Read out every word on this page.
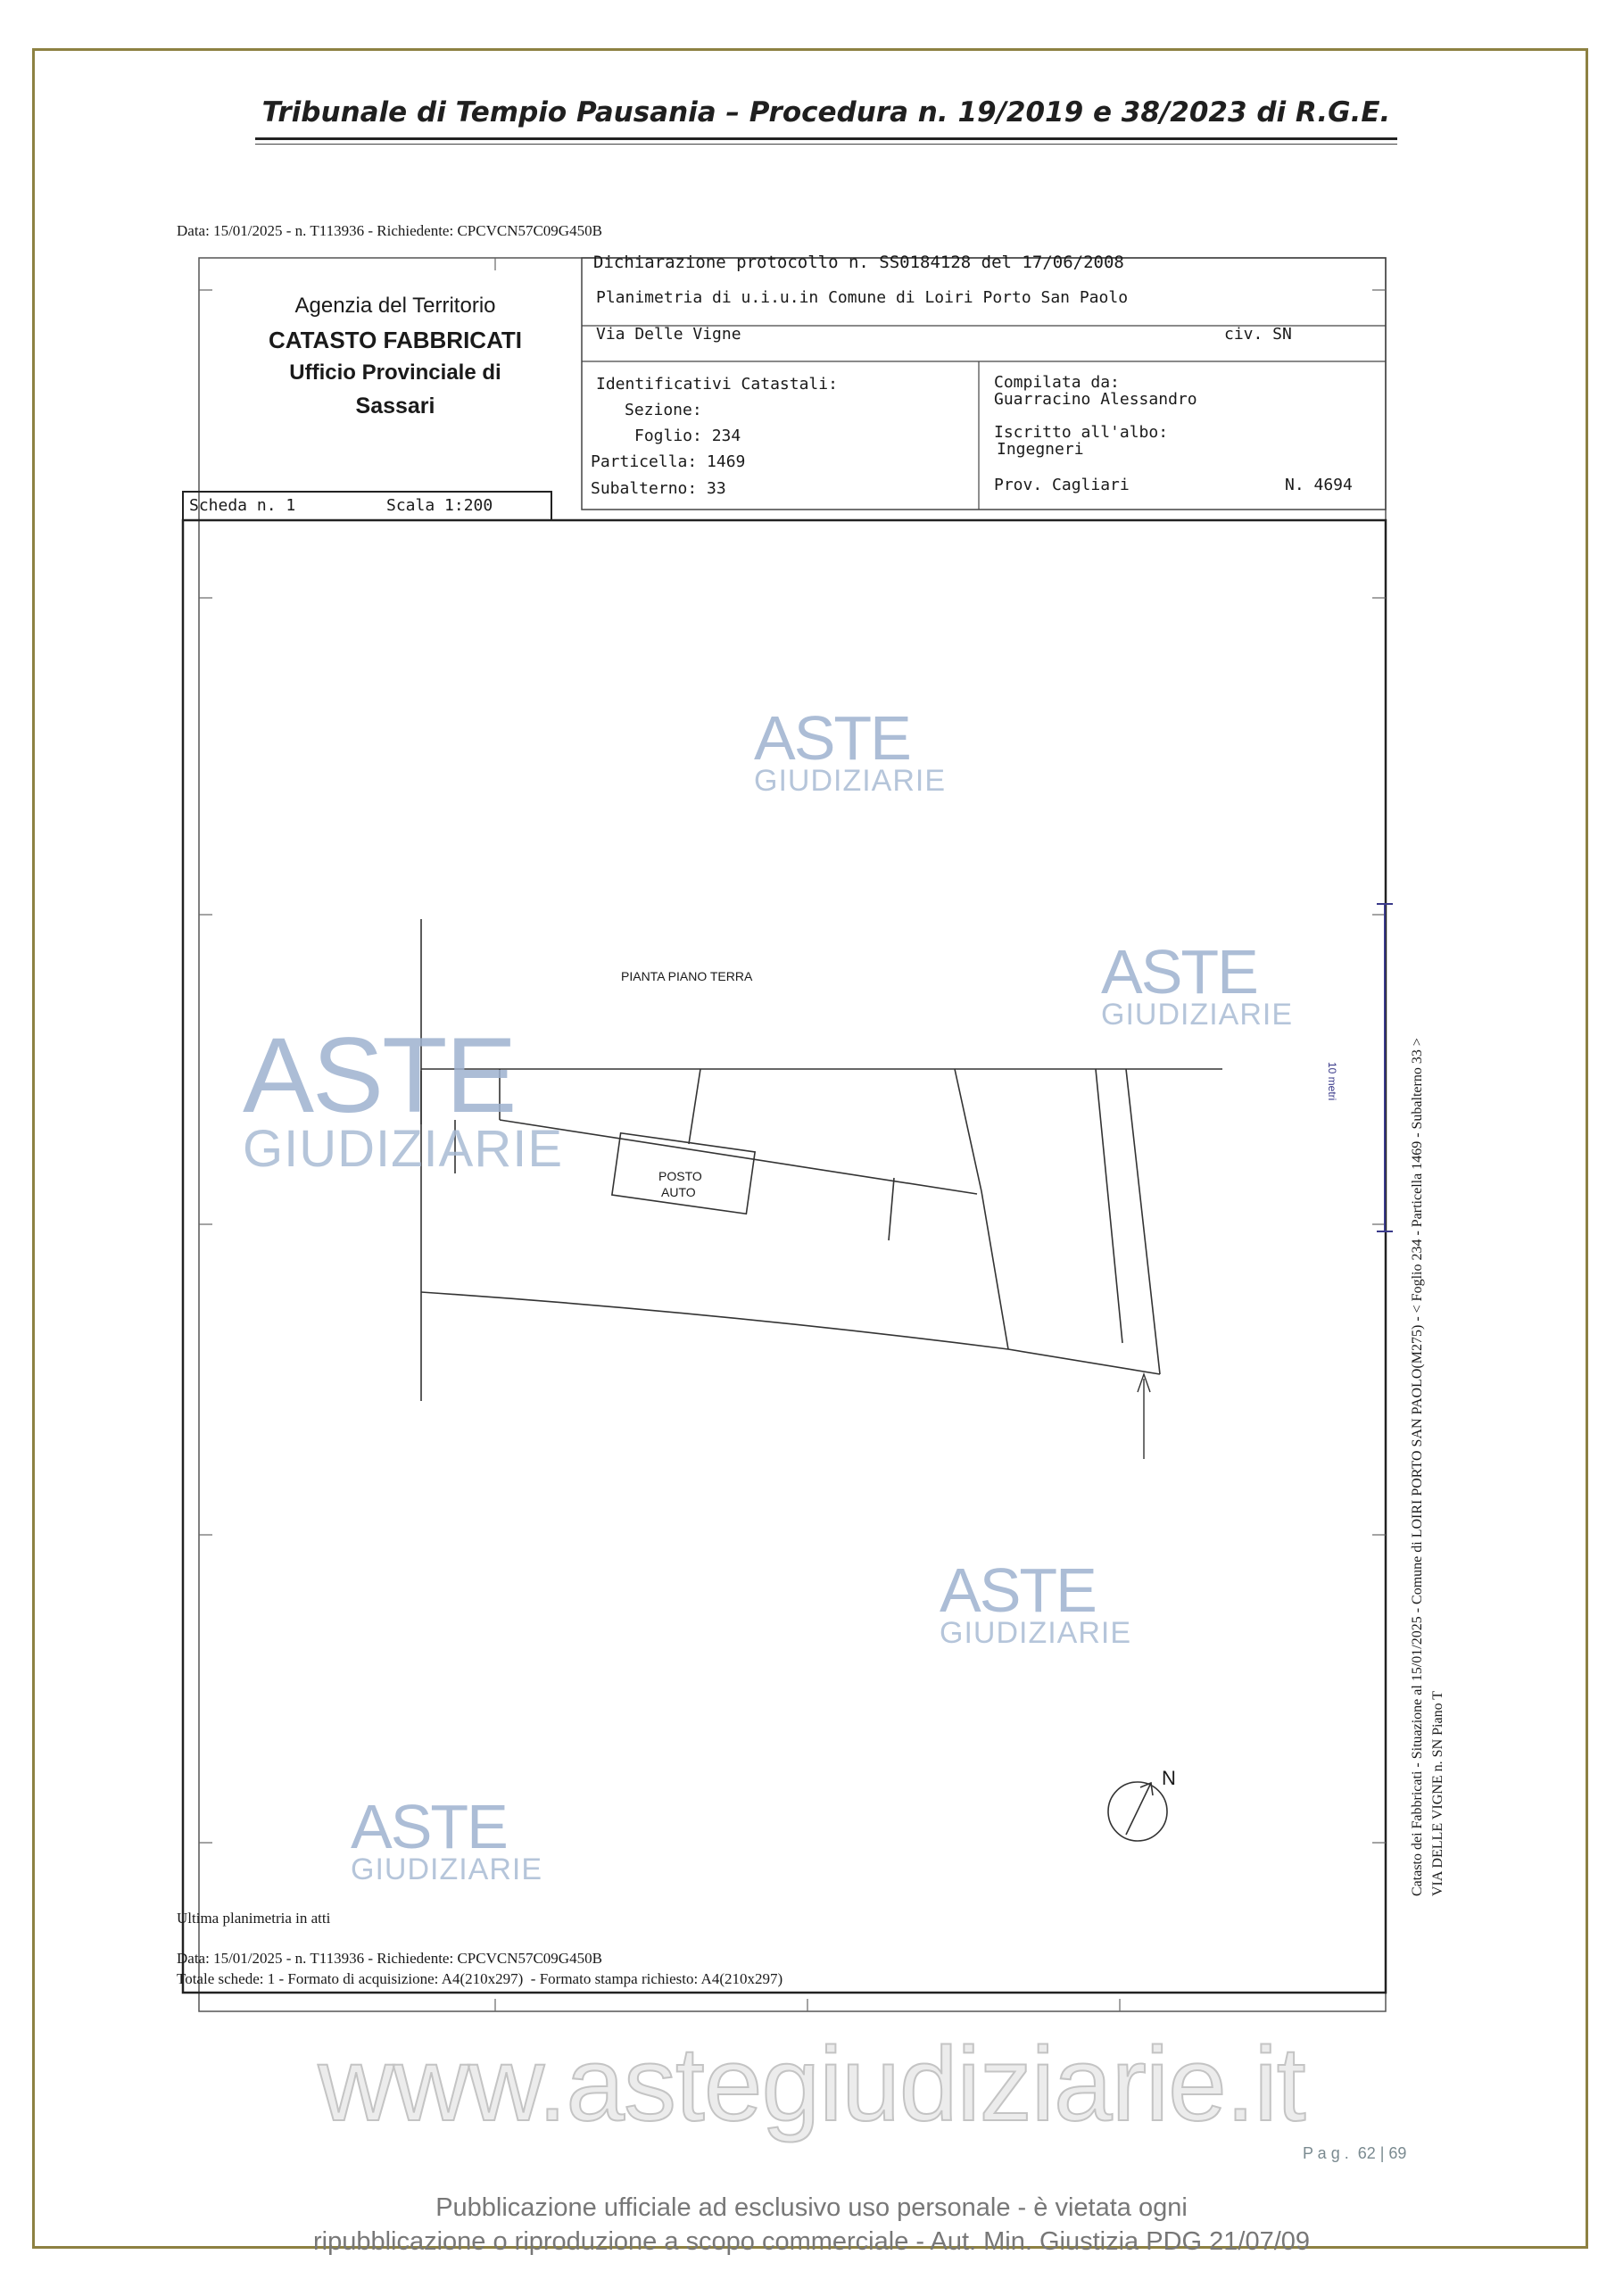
Tribunale di Tempio Pausania – Procedura n. 19/2019 e 38/2023 di R.G.E.
Data: 15/01/2025 - n. T113936 - Richiedente: CPCVCN57C09G450B
Agenzia del Territorio
CATASTO FABBRICATI
Ufficio Provinciale di
Sassari
Dichiarazione protocollo n. SS0184128 del 17/06/2008
Planimetria di u.i.u.in Comune di Loiri Porto San Paolo
Via Delle Vigne	civ. SN
Identificativi Catastali:
Sezione:
Foglio: 234
Particella: 1469
Subalterno: 33
Compilata da:
Guarracino Alessandro
Iscritto all'albo:
Ingegneri
Prov. Cagliari	N. 4694
Scheda n. 1	Scala 1:200
PIANTA PIANO TERRA
POSTO
AUTO
N
10 metri	Catasto dei Fabbricati - Situazione al 15/01/2025 - Comune di LOIRI PORTO SAN PAOLO(M275) - < Foglio 234 - Particella 1469 - Subalterno 33 > VIA DELLE VIGNE n. SN Piano T
Ultima planimetria in atti
Data: 15/01/2025 - n. T113936 - Richiedente: CPCVCN57C09G450B
Totale schede: 1 - Formato di acquisizione: A4(210x297)  - Formato stampa richiesto: A4(210x297)
ASTE
GIUDIZIARIE
ASTE
GIUDIZIARIE
ASTE
GIUDIZIARIE
ASTE
GIUDIZIARIE
ASTE
GIUDIZIARIE
www.astegiudiziarie.it
P a g .  62 | 69
Pubblicazione ufficiale ad esclusivo uso personale - è vietata ogni
ripubblicazione o riproduzione a scopo commerciale - Aut. Min. Giustizia PDG 21/07/09
